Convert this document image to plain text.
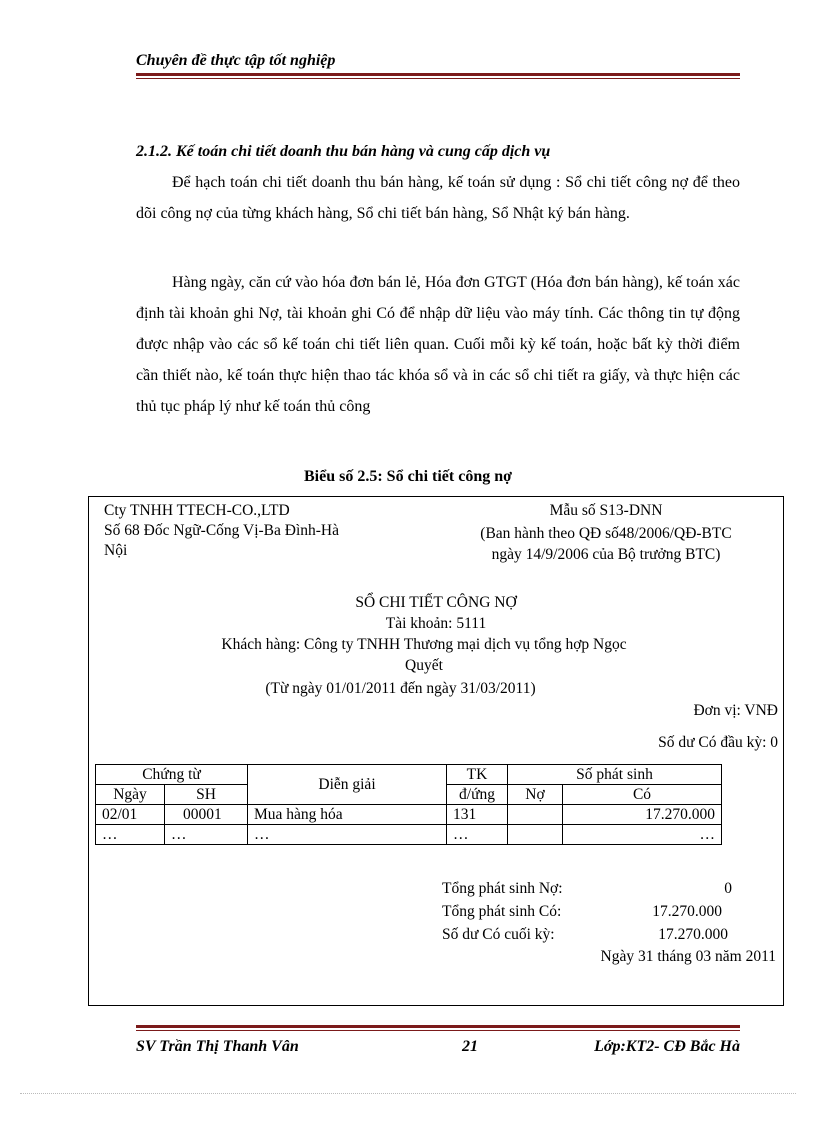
Chuyên đề thực tập tốt nghiệp
2.1.2. Kế toán chi tiết doanh thu bán hàng và cung cấp dịch vụ
Để hạch toán chi tiết doanh thu bán hàng, kế toán sử dụng : Sổ chi tiết công nợ để theo dõi công nợ của từng khách hàng, Sổ chi tiết bán hàng, Sổ Nhật ký bán hàng.
Hàng ngày, căn cứ vào hóa đơn bán lẻ, Hóa đơn GTGT (Hóa đơn bán hàng), kế toán xác định tài khoản ghi Nợ, tài khoản ghi Có để nhập dữ liệu vào máy tính. Các thông tin tự động được nhập vào các sổ kế toán chi tiết liên quan. Cuối mỗi kỳ kế toán, hoặc bất kỳ thời điểm cần thiết nào, kế toán thực hiện thao tác khóa sổ và in các sổ chi tiết ra giấy, và thực hiện các thủ tục pháp lý như kế toán thủ công
Biểu số 2.5: Sổ chi tiết công nợ
Cty TNHH TTECH-CO.,LTD
Số 68 Đốc Ngữ-Cống Vị-Ba Đình-Hà
Nội
Mẫu số S13-DNN
(Ban hành theo QĐ số48/2006/QĐ-BTC
ngày 14/9/2006 của Bộ trưởng BTC)
SỔ CHI TIẾT CÔNG NỢ
Tài khoản: 5111
Khách hàng: Công ty TNHH Thương mại dịch vụ tổng hợp Ngọc
Quyết
(Từ ngày 01/01/2011 đến ngày 31/03/2011)
Đơn vị: VNĐ
Số dư Có đầu kỳ: 0
Chứng từ		Diễn giải	TK	Số phát sinh	
Ngày	SH		đ/ứng	Nợ	Có
02/01	00001	Mua hàng hóa	131		17.270.000
…	…	…	…		…
Tổng phát sinh Nợ:	0
Tổng phát sinh Có:	17.270.000
Số dư Có cuối kỳ:	17.270.000
Ngày 31 tháng 03 năm 2011
SV Trần Thị Thanh Vân	21	Lớp:KT2- CĐ Bắc Hà
